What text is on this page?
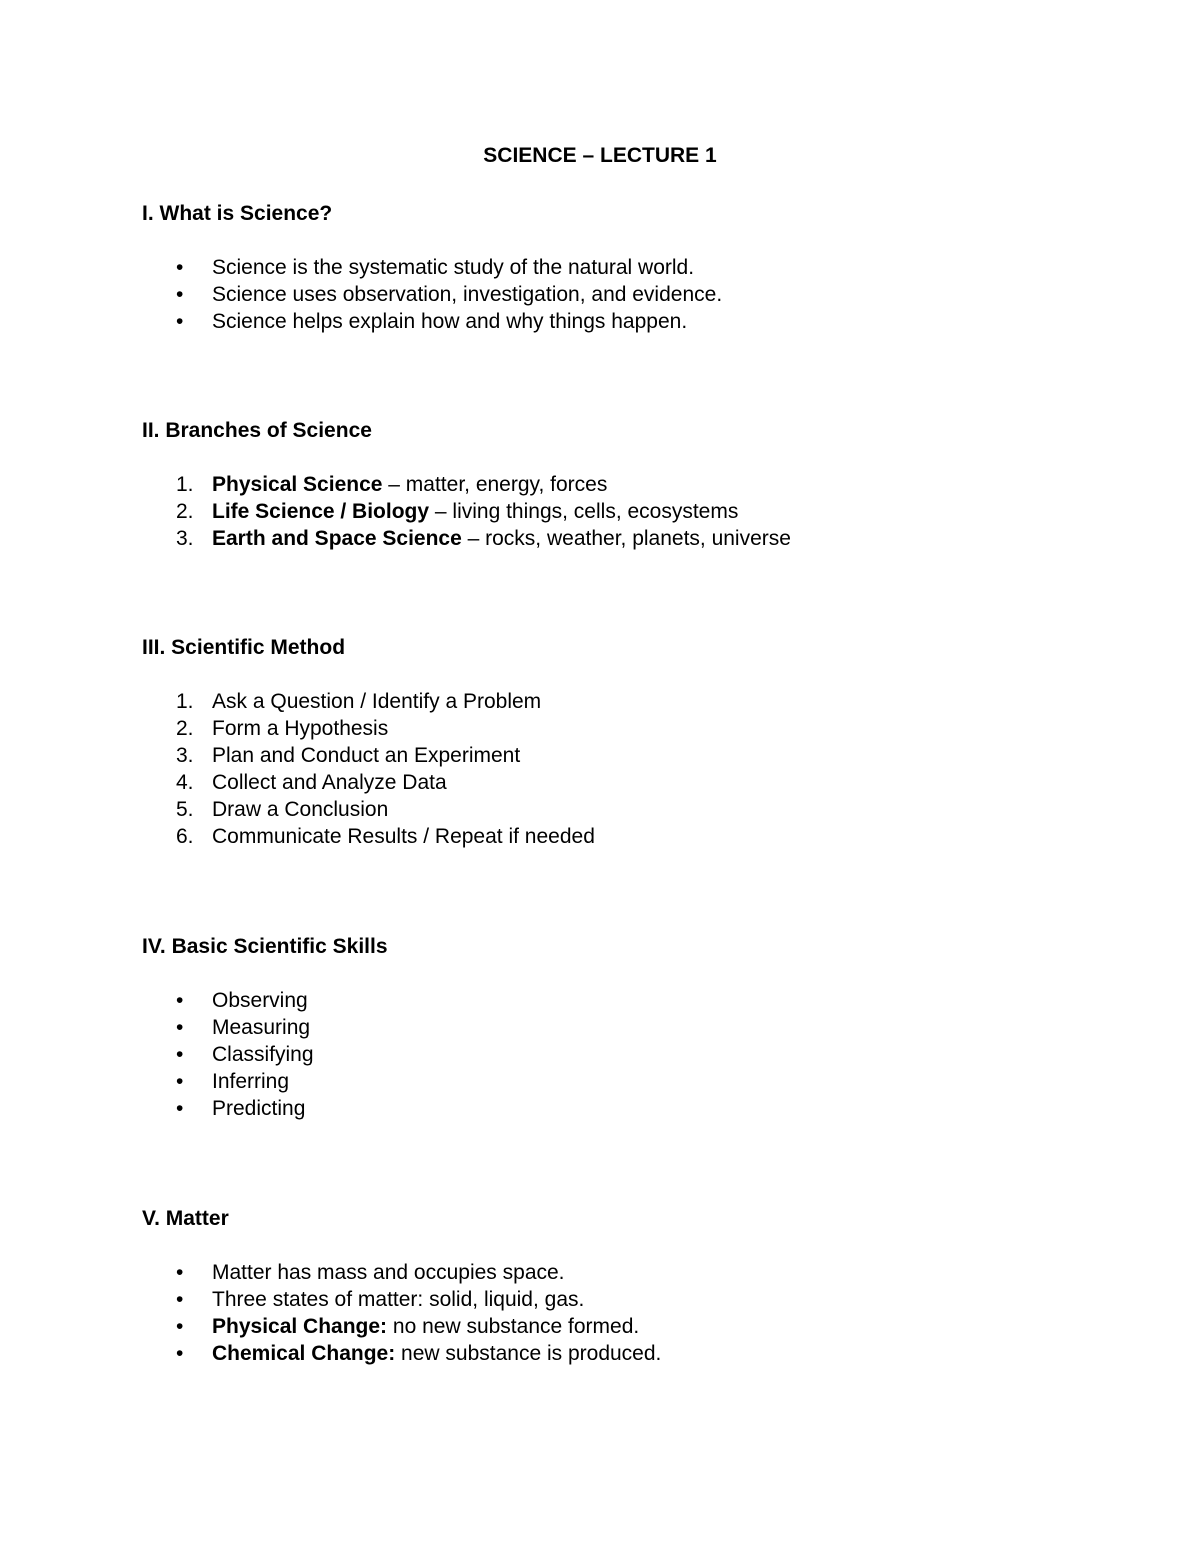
SCIENCE – LECTURE 1
I. What is Science?
• Science is the systematic study of the natural world.
• Science uses observation, investigation, and evidence.
• Science helps explain how and why things happen.
II. Branches of Science
1. Physical Science – matter, energy, forces
2. Life Science / Biology – living things, cells, ecosystems
3. Earth and Space Science – rocks, weather, planets, universe
III. Scientific Method
1. Ask a Question / Identify a Problem
2. Form a Hypothesis
3. Plan and Conduct an Experiment
4. Collect and Analyze Data
5. Draw a Conclusion
6. Communicate Results / Repeat if needed
IV. Basic Scientific Skills
• Observing
• Measuring
• Classifying
• Inferring
• Predicting
V. Matter
• Matter has mass and occupies space.
• Three states of matter: solid, liquid, gas.
• Physical Change: no new substance formed.
• Chemical Change: new substance is produced.
